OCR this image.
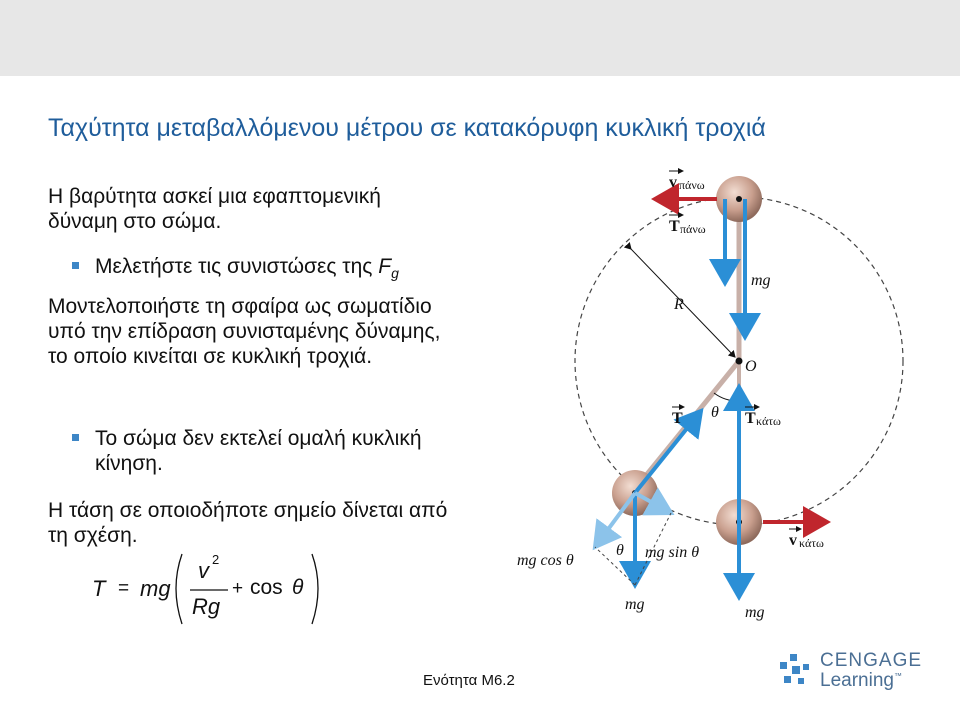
Ταχύτητα μεταβαλλόμενου μέτρου σε κατακόρυφη κυκλική τροχιά
Η βαρύτητα ασκεί μια εφαπτομενική δύναμη στο σώμα.
Μελετήστε τις συνιστώσες της $F_g$
Μοντελοποιήστε τη σφαίρα ως σωματίδιο υπό την επίδραση συνισταμένης δύναμης, το οποίο κινείται σε κυκλική τροχιά.
Το σώμα δεν εκτελεί ομαλή κυκλική κίνηση.
Η τάση σε οποιοδήποτε σημείο δίνεται από τη σχέση.
T = mg
v 2
Rg
+ cos θ
v πάνω
T πάνω
mg
R
O
θ
T	T κάτω
v κάτω
mg cos θ
θ mg sin θ
mg	mg
Ενότητα Μ6.2
CENGAGE
Learning™
